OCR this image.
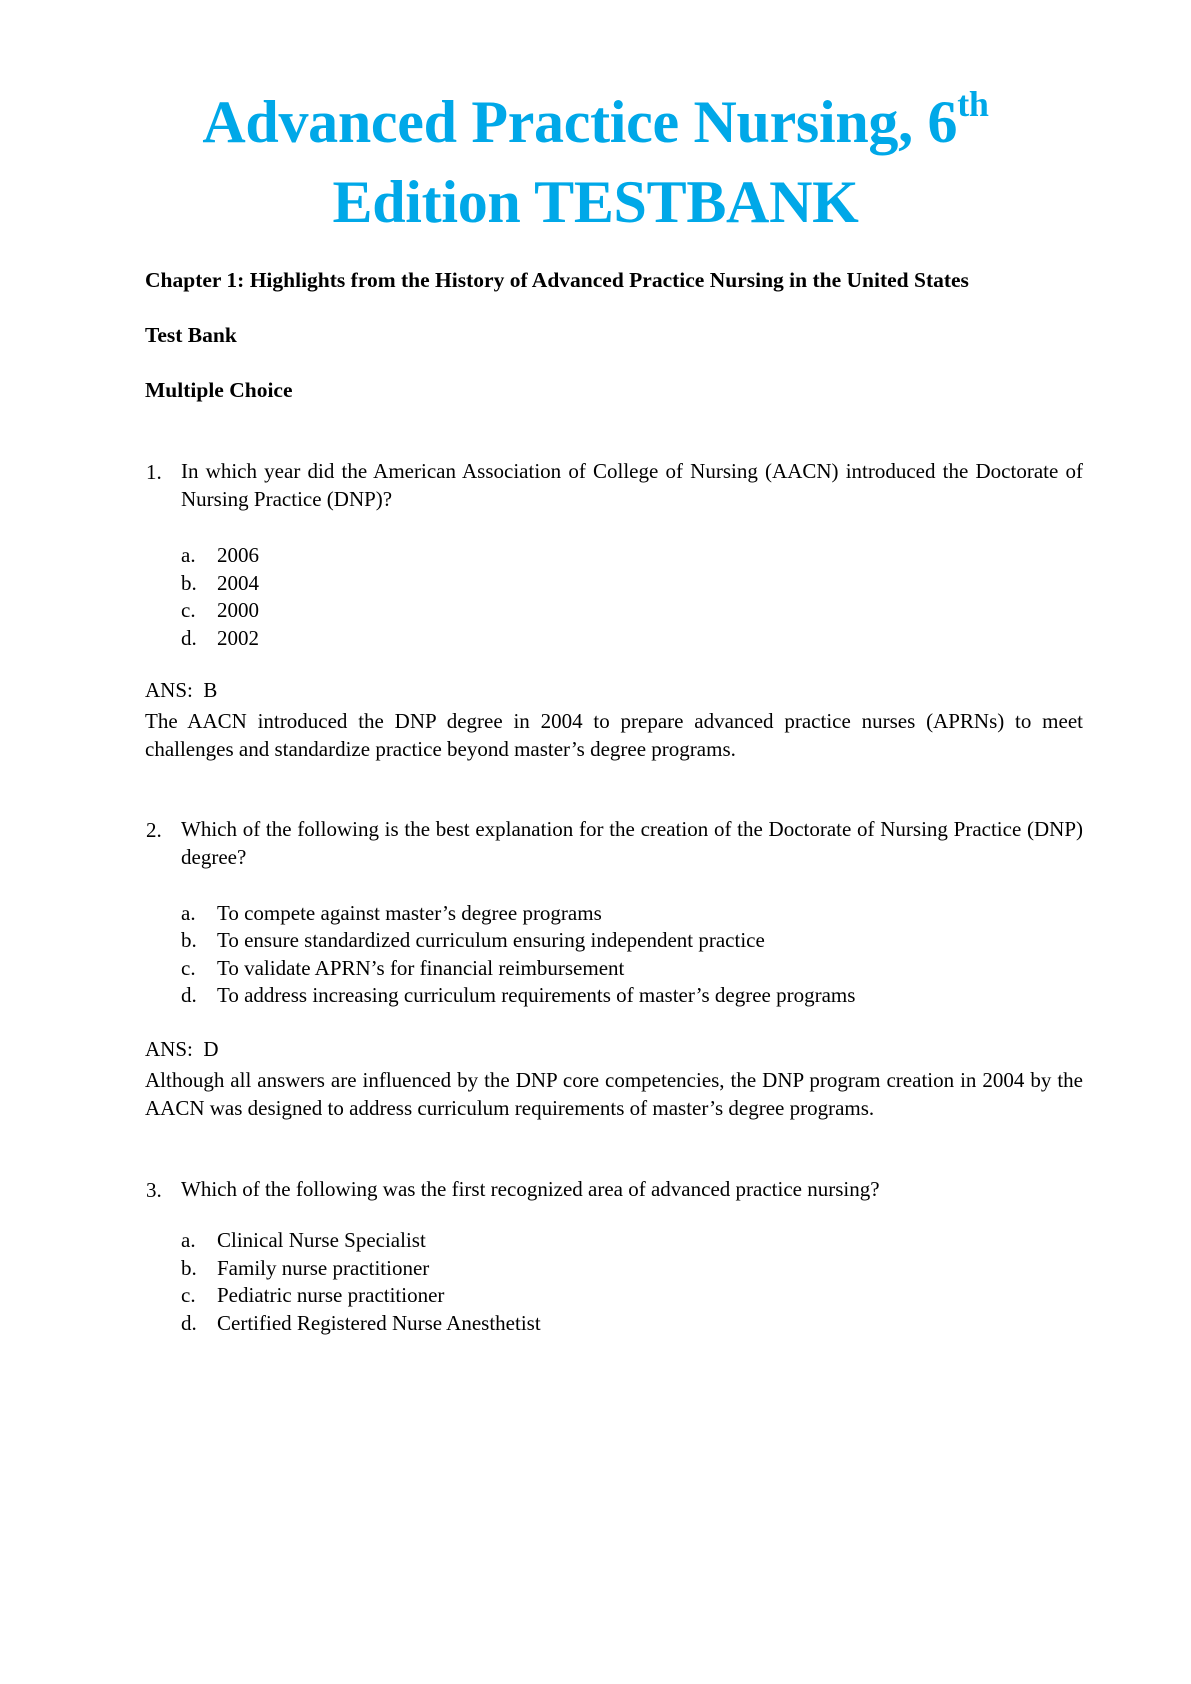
Advanced Practice Nursing, 6th
Edition TESTBANK
Chapter 1: Highlights from the History of Advanced Practice Nursing in the United States
Test Bank
Multiple Choice
1. In which year did the American Association of College of Nursing (AACN) introduced the Doctorate of Nursing Practice (DNP)?
a. 2006
b. 2004
c. 2000
d. 2002
ANS:  B
The AACN introduced the DNP degree in 2004 to prepare advanced practice nurses (APRNs) to meet challenges and standardize practice beyond master’s degree programs.
2. Which of the following is the best explanation for the creation of the Doctorate of Nursing Practice (DNP) degree?
a. To compete against master’s degree programs
b. To ensure standardized curriculum ensuring independent practice
c. To validate APRN’s for financial reimbursement
d. To address increasing curriculum requirements of master’s degree programs
ANS:  D
Although all answers are influenced by the DNP core competencies, the DNP program creation in 2004 by the AACN was designed to address curriculum requirements of master’s degree programs.
3. Which of the following was the first recognized area of advanced practice nursing?
a. Clinical Nurse Specialist
b. Family nurse practitioner
c. Pediatric nurse practitioner
d. Certified Registered Nurse Anesthetist
